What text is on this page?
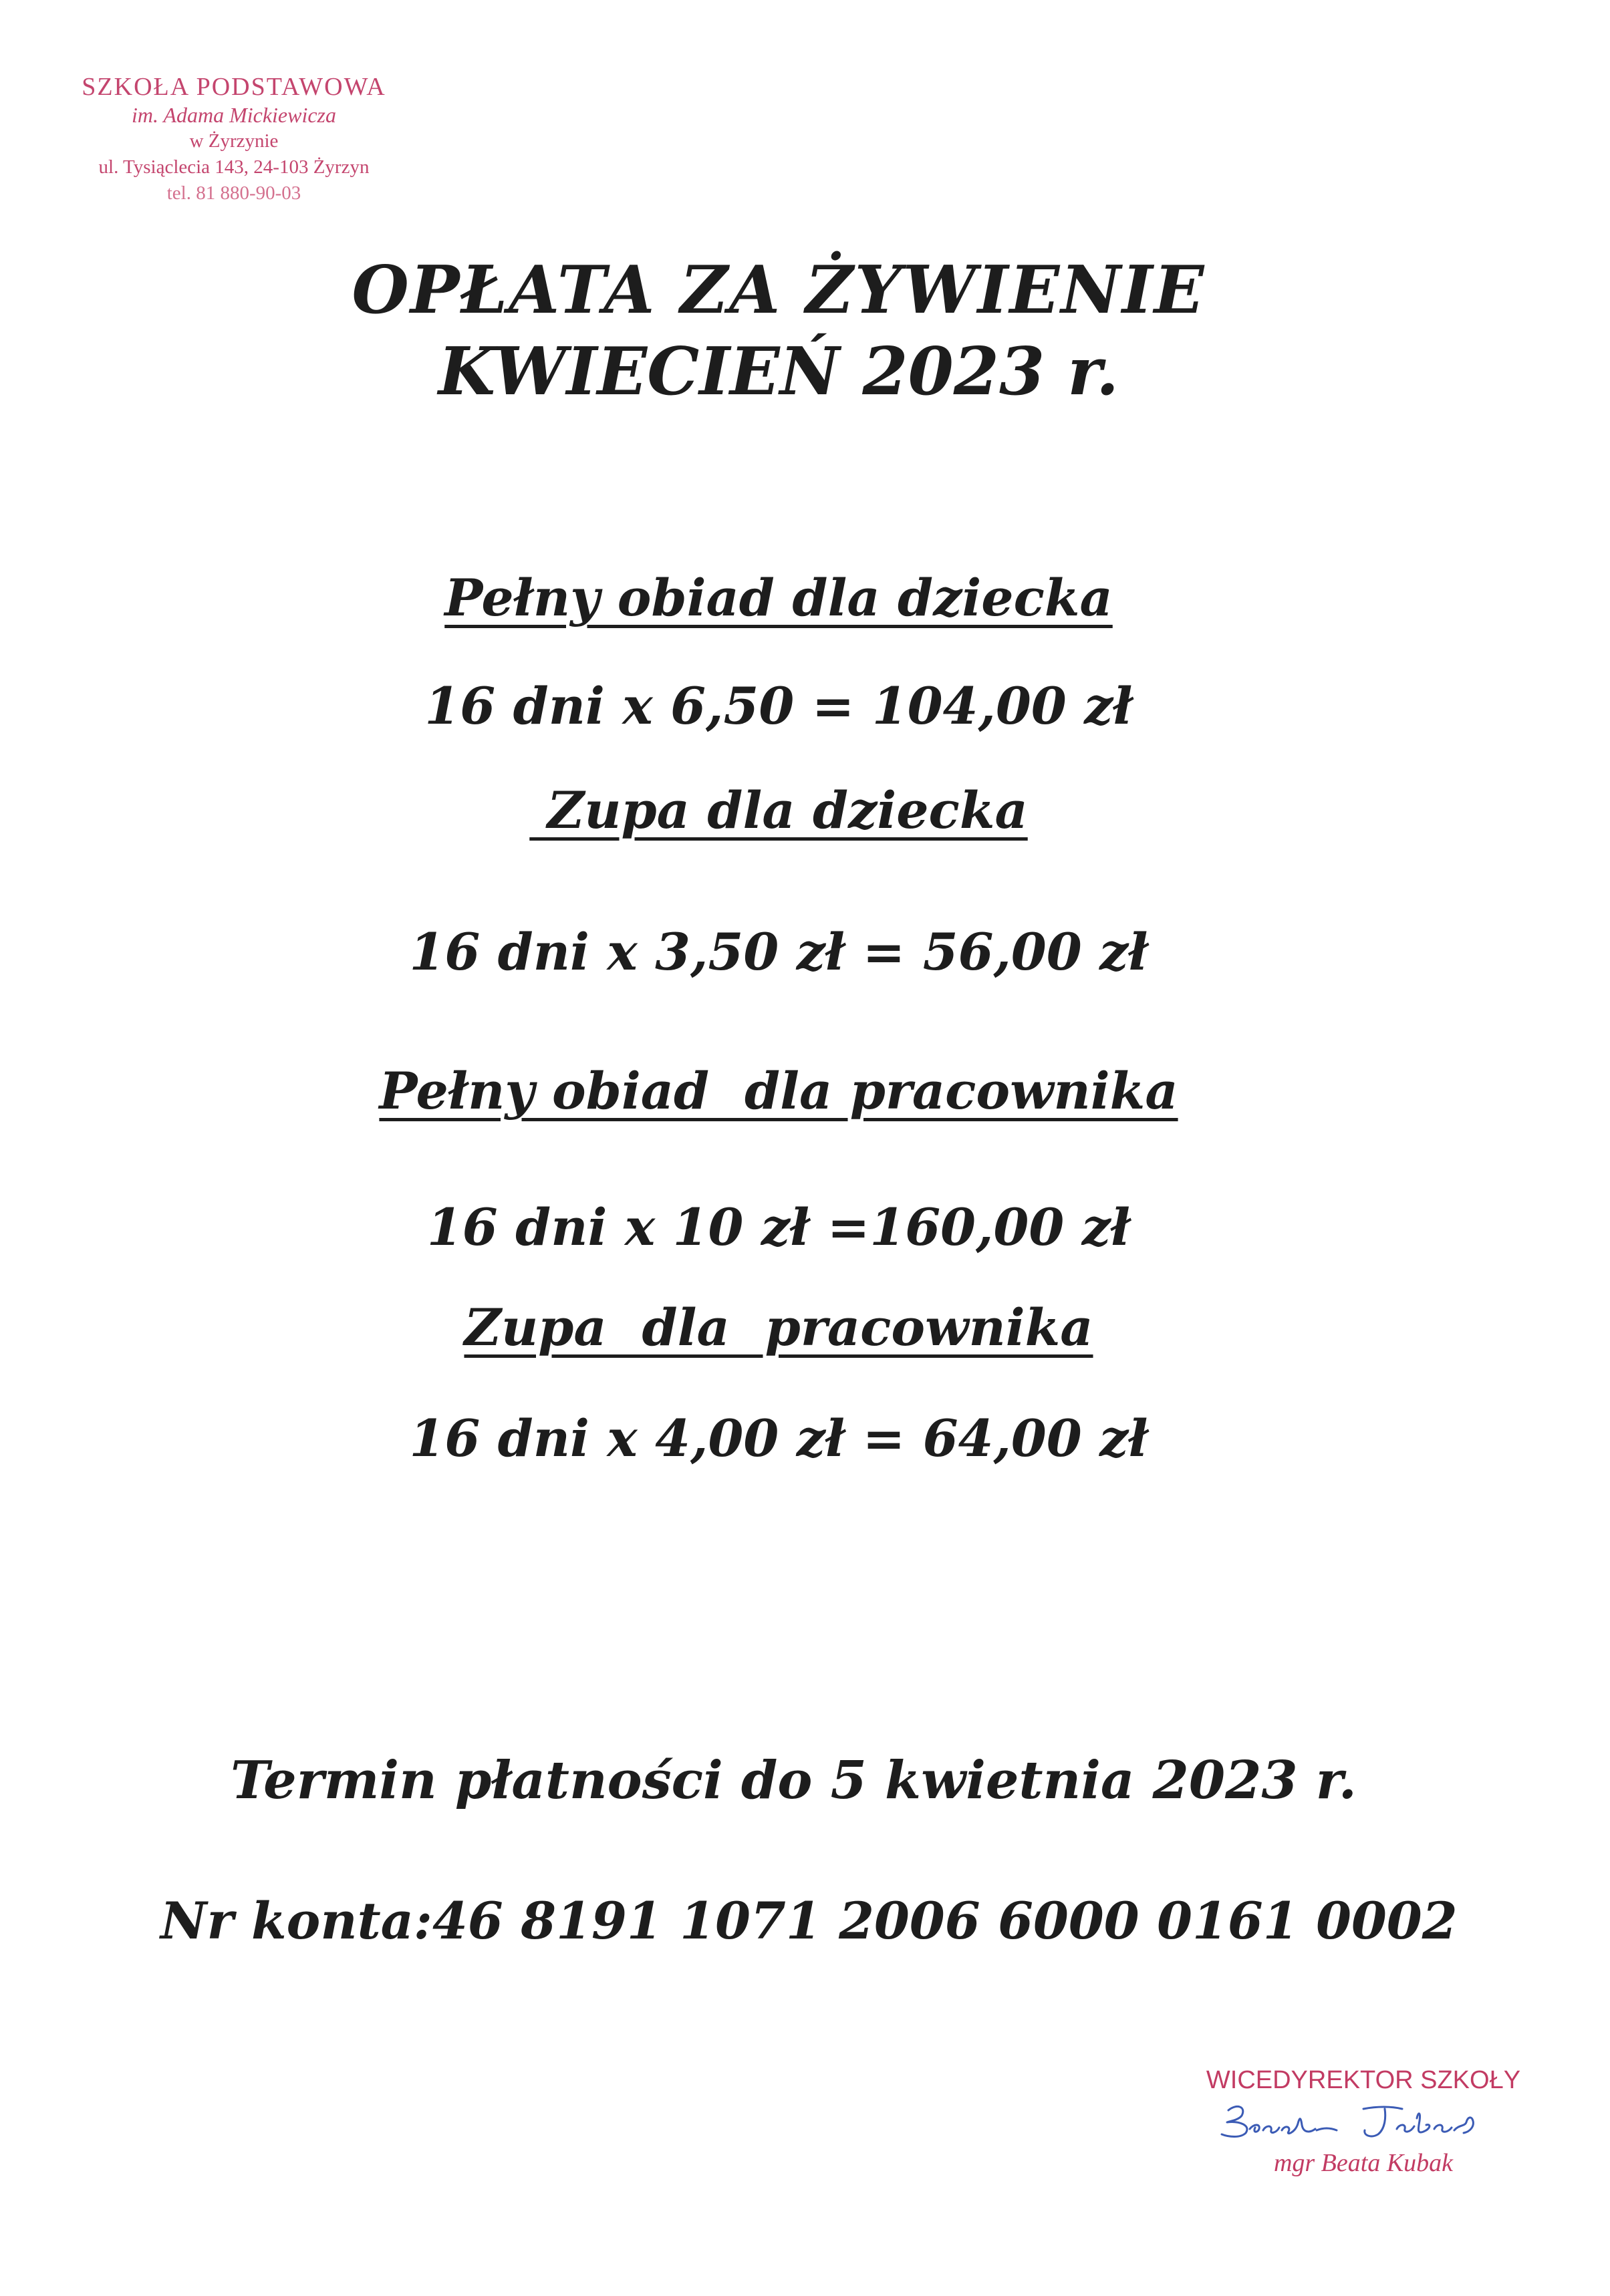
SZKOŁA PODSTAWOWA
im. Adama Mickiewicza
w Żyrzynie
ul. Tysiąclecia 143, 24-103 Żyrzyn
tel. 81 880-90-03
OPŁATA ZA ŻYWIENIE
KWIECIEŃ 2023 r.
Pełny obiad dla dziecka
16 dni x 6,50 = 104,00 zł
Zupa dla dziecka
16 dni x 3,50 zł = 56,00 zł
Pełny obiad  dla pracownika
16 dni x 10 zł =160,00 zł
Zupa  dla  pracownika
16 dni x 4,00 zł = 64,00 zł
Termin płatności do 5 kwietnia 2023 r.
Nr konta:46 8191 1071 2006 6000 0161 0002
WICEDYREKTOR SZKOŁY
mgr Beata Kubak
